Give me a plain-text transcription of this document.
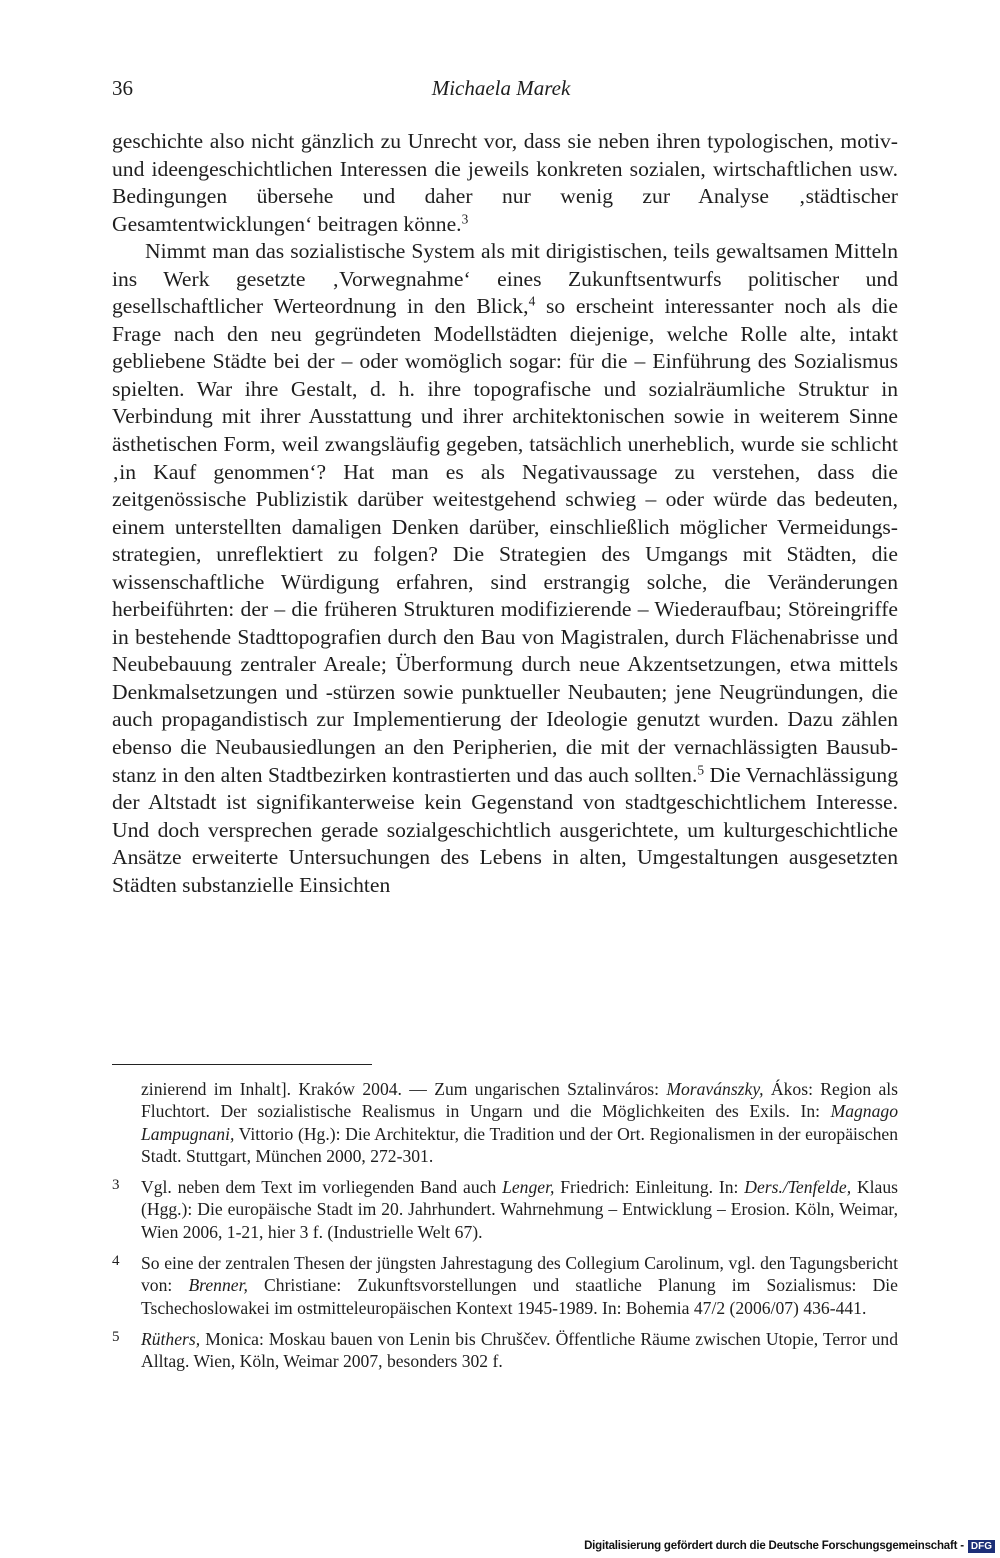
36	Michaela Marek

geschichte also nicht gänzlich zu Unrecht vor, dass sie neben ihren typologischen, motiv- und ideengeschichtlichen Interessen die jeweils konkreten sozialen, wirtschaftlichen usw. Bedingungen übersehe und daher nur wenig zur Analyse ‚städtischer Gesamtentwicklungen‘ beitragen könne.$^3$

Nimmt man das sozialistische System als mit dirigistischen, teils gewaltsamen Mitteln ins Werk gesetzte ‚Vorwegnahme‘ eines Zukunftsentwurfs politischer und gesellschaftlicher Werteordnung in den Blick,$^4$ so erscheint interessanter noch als die Frage nach den neu gegründeten Modellstädten diejenige, welche Rolle alte, intakt gebliebene Städte bei der – oder womöglich sogar: für die – Einführung des Sozialismus spielten. War ihre Gestalt, d. h. ihre topografische und sozialräumliche Struktur in Verbindung mit ihrer Ausstattung und ihrer architektonischen sowie in weiterem Sinne ästhetischen Form, weil zwangsläufig gegeben, tatsächlich unerheblich, wurde sie schlicht ‚in Kauf genommen‘? Hat man es als Negativaussage zu verstehen, dass die zeitgenössische Publizistik darüber weitestgehend schwieg – oder würde das bedeuten, einem unterstellten damaligen Denken darüber, einschließlich möglicher Vermeidungsstrategien, unreflektiert zu folgen? Die Strategien des Umgangs mit Städten, die wissenschaftliche Würdigung erfahren, sind erstrangig solche, die Veränderungen herbeiführten: der – die früheren Strukturen modifizierende – Wiederaufbau; Störeingriffe in bestehende Stadttopografien durch den Bau von Magistralen, durch Flächenabrisse und Neubebauung zentraler Areale; Überformung durch neue Akzentsetzungen, etwa mittels Denkmalsetzungen und -stürzen sowie punktueller Neubauten; jene Neugründungen, die auch propagandistisch zur Implementierung der Ideologie genutzt wurden. Dazu zählen ebenso die Neubausiedlungen an den Peripherien, die mit der vernachlässigten Bausubstanz in den alten Stadtbezirken kontrastierten und das auch sollten.$^5$ Die Vernachlässigung der Altstadt ist signifikanterweise kein Gegenstand von stadtgeschichtlichem Interesse. Und doch versprechen gerade sozialgeschichtlich ausgerichtete, um kulturgeschichtliche Ansätze erweiterte Untersuchungen des Lebens in alten, Umgestaltungen ausgesetzten Städten substanzielle Einsichten

zinierend im Inhalt]. Kraków 2004. — Zum ungarischen Sztalinváros: Moravánszky, Ákos: Region als Fluchtort. Der sozialistische Realismus in Ungarn und die Möglichkeiten des Exils. In: Magnago Lampugnani, Vittorio (Hg.): Die Architektur, die Tradition und der Ort. Regionalismen in der europäischen Stadt. Stuttgart, München 2000, 272-301.
3 Vgl. neben dem Text im vorliegenden Band auch Lenger, Friedrich: Einleitung. In: Ders./Tenfelde, Klaus (Hgg.): Die europäische Stadt im 20. Jahrhundert. Wahrnehmung – Entwicklung – Erosion. Köln, Weimar, Wien 2006, 1-21, hier 3 f. (Industrielle Welt 67).
4 So eine der zentralen Thesen der jüngsten Jahrestagung des Collegium Carolinum, vgl. den Tagungsbericht von: Brenner, Christiane: Zukunftsvorstellungen und staatliche Planung im Sozialismus: Die Tschechoslowakei im ostmitteleuropäischen Kontext 1945-1989. In: Bohemia 47/2 (2006/07) 436-441.
5 Rüthers, Monica: Moskau bauen von Lenin bis Chruščev. Öffentliche Räume zwischen Utopie, Terror und Alltag. Wien, Köln, Weimar 2007, besonders 302 f.
Digitalisierung gefördert durch die Deutsche Forschungsgemeinschaft - DFG
